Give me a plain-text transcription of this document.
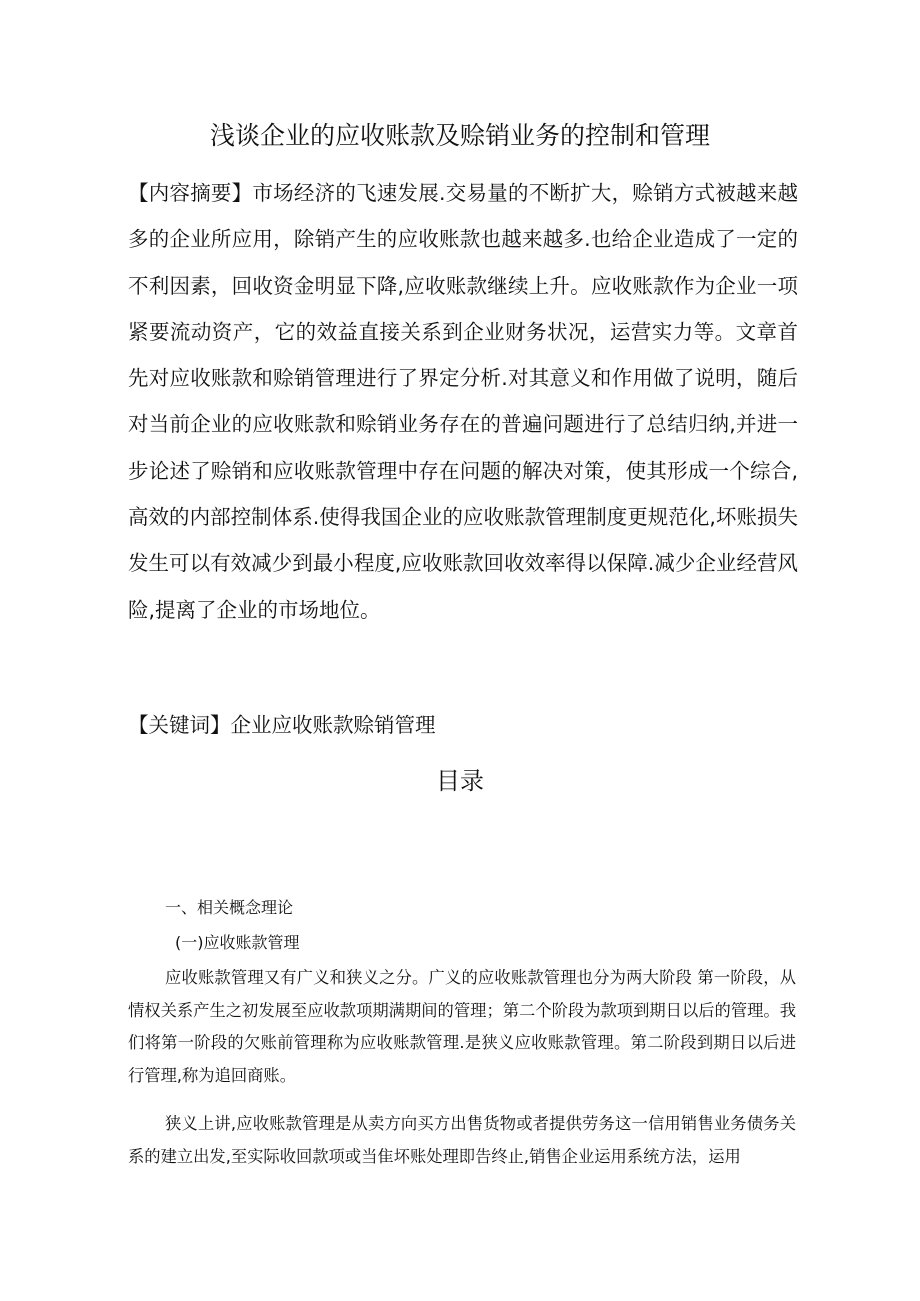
浅谈企业的应收账款及赊销业务的控制和管理

【内容摘要】市场经济的飞速发展.交易量的不断扩大，赊销方式被越来越多的企业所应用，除销产生的应收账款也越来越多.也给企业造成了一定的不利因素，回收资金明显下降,应收账款继续上升。应收账款作为企业一项紧要流动资产，它的效益直接关系到企业财务状况，运营实力等。文章首先对应收账款和赊销管理进行了界定分析.对其意义和作用做了说明，随后对当前企业的应收账款和赊销业务存在的普遍问题进行了总结归纳,并进一步论述了赊销和应收账款管理中存在问题的解决对策，使其形成一个综合,高效的内部控制体系.使得我国企业的应收账款管理制度更规范化,坏账损失发生可以有效减少到最小程度,应收账款回收效率得以保障.减少企业经营风险,提离了企业的市场地位。

【关键词】企业应收账款赊销管理

目录

一、相关概念理论

(一)应收账款管理

应收账款管理又有广义和狭义之分。广义的应收账款管理也分为两大阶段 第一阶段，从情权关系产生之初发展至应收款项期满期间的管理；第二个阶段为款项到期日以后的管理。我们将第一阶段的欠账前管理称为应收账款管理.是狭义应收账款管理。第二阶段到期日以后进行管理,称为追回商账。

狭义上讲,应收账款管理是从卖方向买方出售货物或者提供劳务这一信用销售业务债务关系的建立出发,至实际收回款项或当隹坏账处理即告终止,销售企业运用系统方法，运用
